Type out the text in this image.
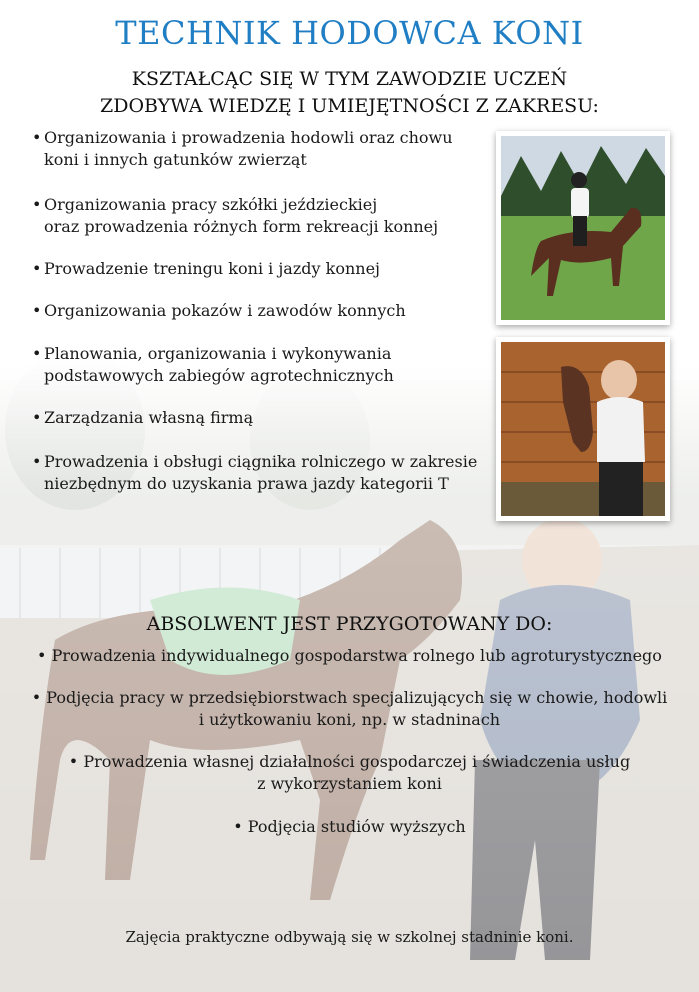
TECHNIK HODOWCA KONI
KSZTAŁCĄC SIĘ W TYM ZAWODZIE UCZEŃ
ZDOBYWA WIEDZĘ I UMIEJĘTNOŚCI Z ZAKRESU:
• Organizowania i prowadzenia hodowli oraz chowu
koni i innych gatunków zwierząt
• Organizowania pracy szkółki jeździeckiej
oraz prowadzenia różnych form rekreacji konnej
• Prowadzenie treningu koni i jazdy konnej
• Organizowania pokazów i zawodów konnych
• Planowania, organizowania i wykonywania
podstawowych zabiegów agrotechnicznych
• Zarządzania własną firmą
• Prowadzenia i obsługi ciągnika rolniczego w zakresie
niezbędnym do uzyskania prawa jazdy kategorii T
ABSOLWENT JEST PRZYGOTOWANY DO:
• Prowadzenia indywidualnego gospodarstwa rolnego lub agroturystycznego
• Podjęcia pracy w przedsiębiorstwach specjalizujących się w chowie, hodowli
i użytkowaniu koni, np. w stadninach
• Prowadzenia własnej działalności gospodarczej i świadczenia usług
z wykorzystaniem koni
• Podjęcia studiów wyższych
Zajęcia praktyczne odbywają się w szkolnej stadninie koni.
